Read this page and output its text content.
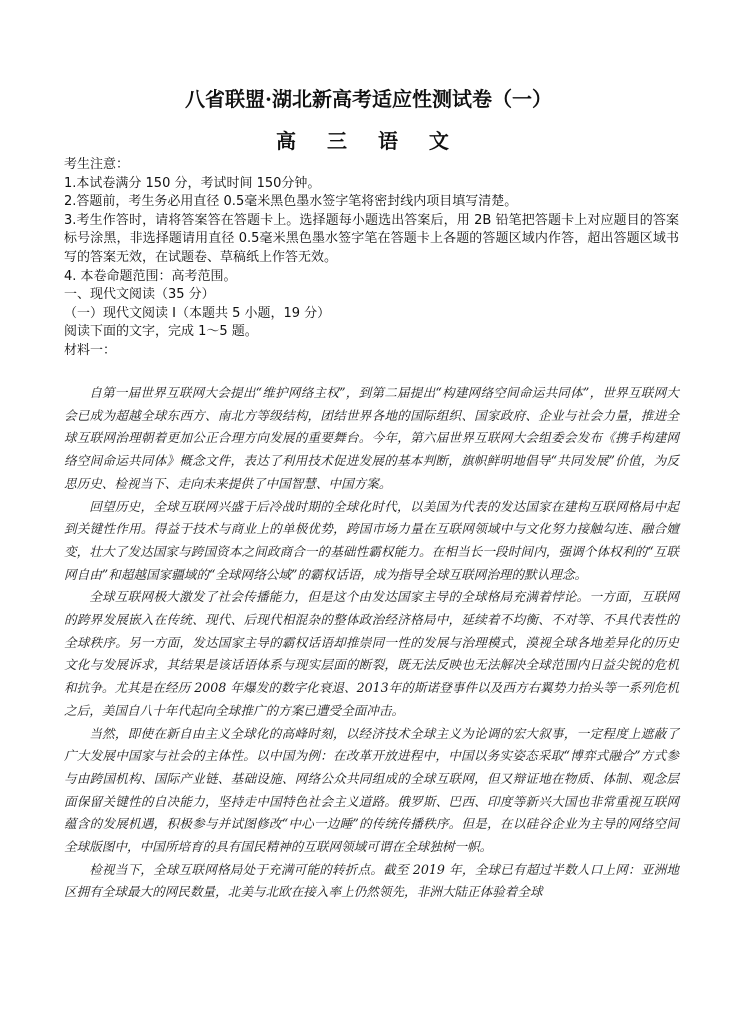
八省联盟·湖北新高考适应性测试卷（一）
高 三 语 文
考生注意：
1.本试卷满分 150 分，考试时间 150分钟。
2.答题前，考生务必用直径 0.5毫米黑色墨水签字笔将密封线内项目填写清楚。
3.考生作答时，请将答案答在答题卡上。选择题每小题选出答案后，用 2B 铅笔把答题卡上对应题目的答案标号涂黑，非选择题请用直径 0.5毫米黑色墨水签字笔在答题卡上各题的答题区域内作答，超出答题区域书写的答案无效，在试题卷、草稿纸上作答无效。
4. 本卷命题范围：高考范围。
一、现代文阅读（35 分）
（一）现代文阅读 I（本题共 5 小题，19 分）
阅读下面的文字，完成 1～5 题。
材料一：

自第一届世界互联网大会提出“维护网络主权”，到第二届提出“构建网络空间命运共同体”，世界互联网大会已成为超越全球东西方、南北方等级结构，团结世界各地的国际组织、国家政府、企业与社会力量，推进全球互联网治理朝着更加公正合理方向发展的重要舞台。今年，第六届世界互联网大会组委会发布《携手构建网络空间命运共同体》概念文件，表达了利用技术促进发展的基本判断，旗帜鲜明地倡导“共同发展”价值，为反思历史、检视当下、走向未来提供了中国智慧、中国方案。

回望历史，全球互联网兴盛于后冷战时期的全球化时代，以美国为代表的发达国家在建构互联网格局中起到关键性作用。得益于技术与商业上的单极优势，跨国市场力量在互联网领域中与文化努力接触勾连、融合嬗变，壮大了发达国家与跨国资本之间政商合一的基础性霸权能力。在相当长一段时间内，强调个体权利的“互联网自由”和超越国家疆域的“全球网络公域”的霸权话语，成为指导全球互联网治理的默认理念。

全球互联网极大激发了社会传播能力，但是这个由发达国家主导的全球格局充满着悖论。一方面，互联网的跨界发展嵌入在传统、现代、后现代相混杂的整体政治经济格局中，延续着不均衡、不对等、不具代表性的全球秩序。另一方面，发达国家主导的霸权话语却推崇同一性的发展与治理模式，漠视全球各地差异化的历史文化与发展诉求，其结果是该话语体系与现实层面的断裂，既无法反映也无法解决全球范围内日益尖锐的危机和抗争。尤其是在经历 2008 年爆发的数字化衰退、2013年的斯诺登事件以及西方右翼势力抬头等一系列危机之后，美国自八十年代起向全球推广的方案已遭受全面冲击。

当然，即使在新自由主义全球化的高峰时刻，以经济技术全球主义为论调的宏大叙事，一定程度上遮蔽了广大发展中国家与社会的主体性。以中国为例：在改革开放进程中，中国以务实姿态采取“博弈式融合”方式参与由跨国机构、国际产业链、基础设施、网络公众共同组成的全球互联网，但又辩证地在物质、体制、观念层面保留关键性的自决能力，坚持走中国特色社会主义道路。俄罗斯、巴西、印度等新兴大国也非常重视互联网蕴含的发展机遇，积极参与并试图修改“中心一边睡”的传统传播秩序。但是，在以硅谷企业为主导的网络空间全球版图中，中国所培育的具有国民精神的互联网领域可谓在全球独树一帜。

检视当下，全球互联网格局处于充满可能的转折点。截至 2019 年，全球已有超过半数人口上网：亚洲地区拥有全球最大的网民数量，北美与北欧在接入率上仍然领先，非洲大陆正体验着全球
